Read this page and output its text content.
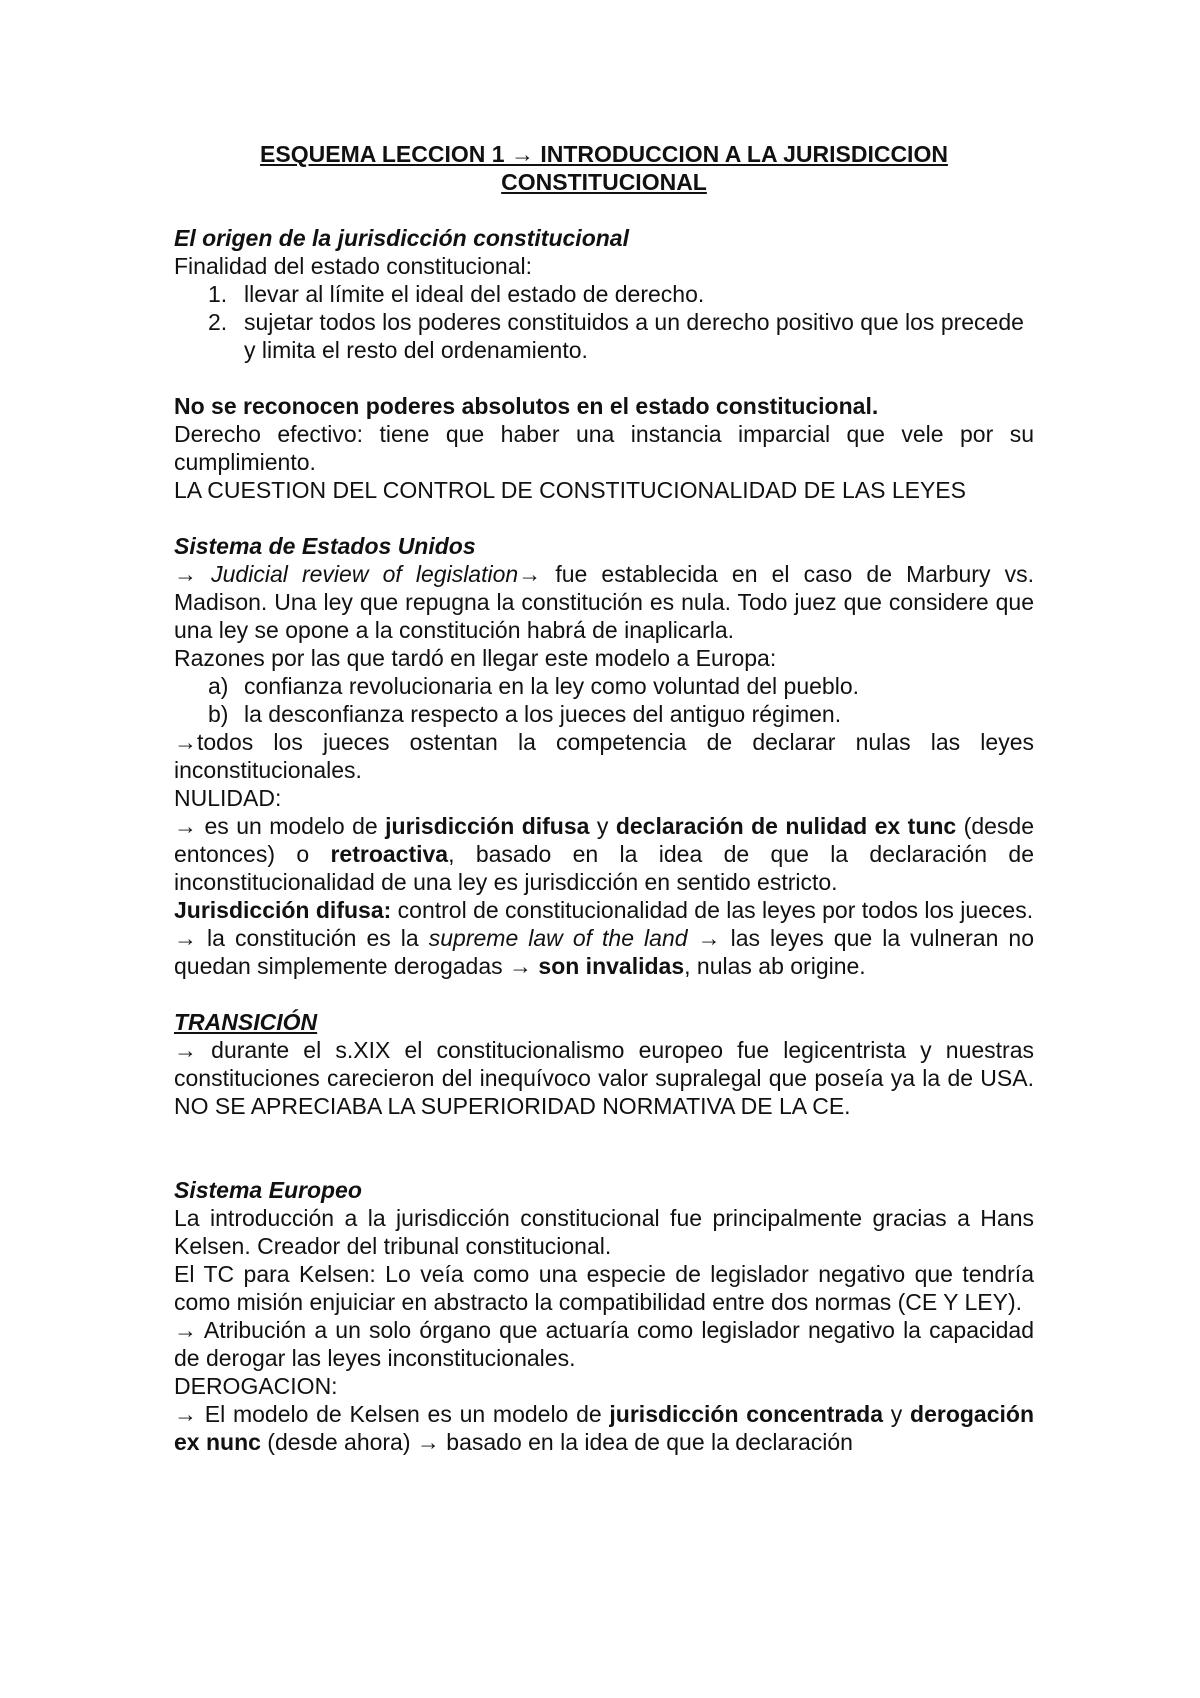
ESQUEMA LECCION 1 → INTRODUCCION A LA JURISDICCION
CONSTITUCIONAL

El origen de la jurisdicción constitucional

Finalidad del estado constitucional:

1. llevar al límite el ideal del estado de derecho.
2. sujetar todos los poderes constituidos a un derecho positivo que los precede y limita el resto del ordenamiento.

No se reconocen poderes absolutos en el estado constitucional.

Derecho efectivo: tiene que haber una instancia imparcial que vele por su cumplimiento.

LA CUESTION DEL CONTROL DE CONSTITUCIONALIDAD DE LAS LEYES

Sistema de Estados Unidos

→ Judicial review of legislation→ fue establecida en el caso de Marbury vs. Madison. Una ley que repugna la constitución es nula. Todo juez que considere que una ley se opone a la constitución habrá de inaplicarla.

Razones por las que tardó en llegar este modelo a Europa:

a) confianza revolucionaria en la ley como voluntad del pueblo.
b) la desconfianza respecto a los jueces del antiguo régimen.

→todos los jueces ostentan la competencia de declarar nulas las leyes inconstitucionales.

NULIDAD:

→ es un modelo de jurisdicción difusa y declaración de nulidad ex tunc (desde entonces) o retroactiva, basado en la idea de que la declaración de inconstitucionalidad de una ley es jurisdicción en sentido estricto.

Jurisdicción difusa: control de constitucionalidad de las leyes por todos los jueces.

→ la constitución es la supreme law of the land → las leyes que la vulneran no quedan simplemente derogadas → son invalidas, nulas ab origine.

TRANSICIÓN

→ durante el s.XIX el constitucionalismo europeo fue legicentrista y nuestras constituciones carecieron del inequívoco valor supralegal que poseía ya la de USA. NO SE APRECIABA LA SUPERIORIDAD NORMATIVA DE LA CE.

Sistema Europeo

La introducción a la jurisdicción constitucional fue principalmente gracias a Hans Kelsen. Creador del tribunal constitucional.

El TC para Kelsen: Lo veía como una especie de legislador negativo que tendría como misión enjuiciar en abstracto la compatibilidad entre dos normas (CE Y LEY).

→ Atribución a un solo órgano que actuaría como legislador negativo la capacidad de derogar las leyes inconstitucionales.

DEROGACION:

→ El modelo de Kelsen es un modelo de jurisdicción concentrada y derogación ex nunc (desde ahora) → basado en la idea de que la declaración
